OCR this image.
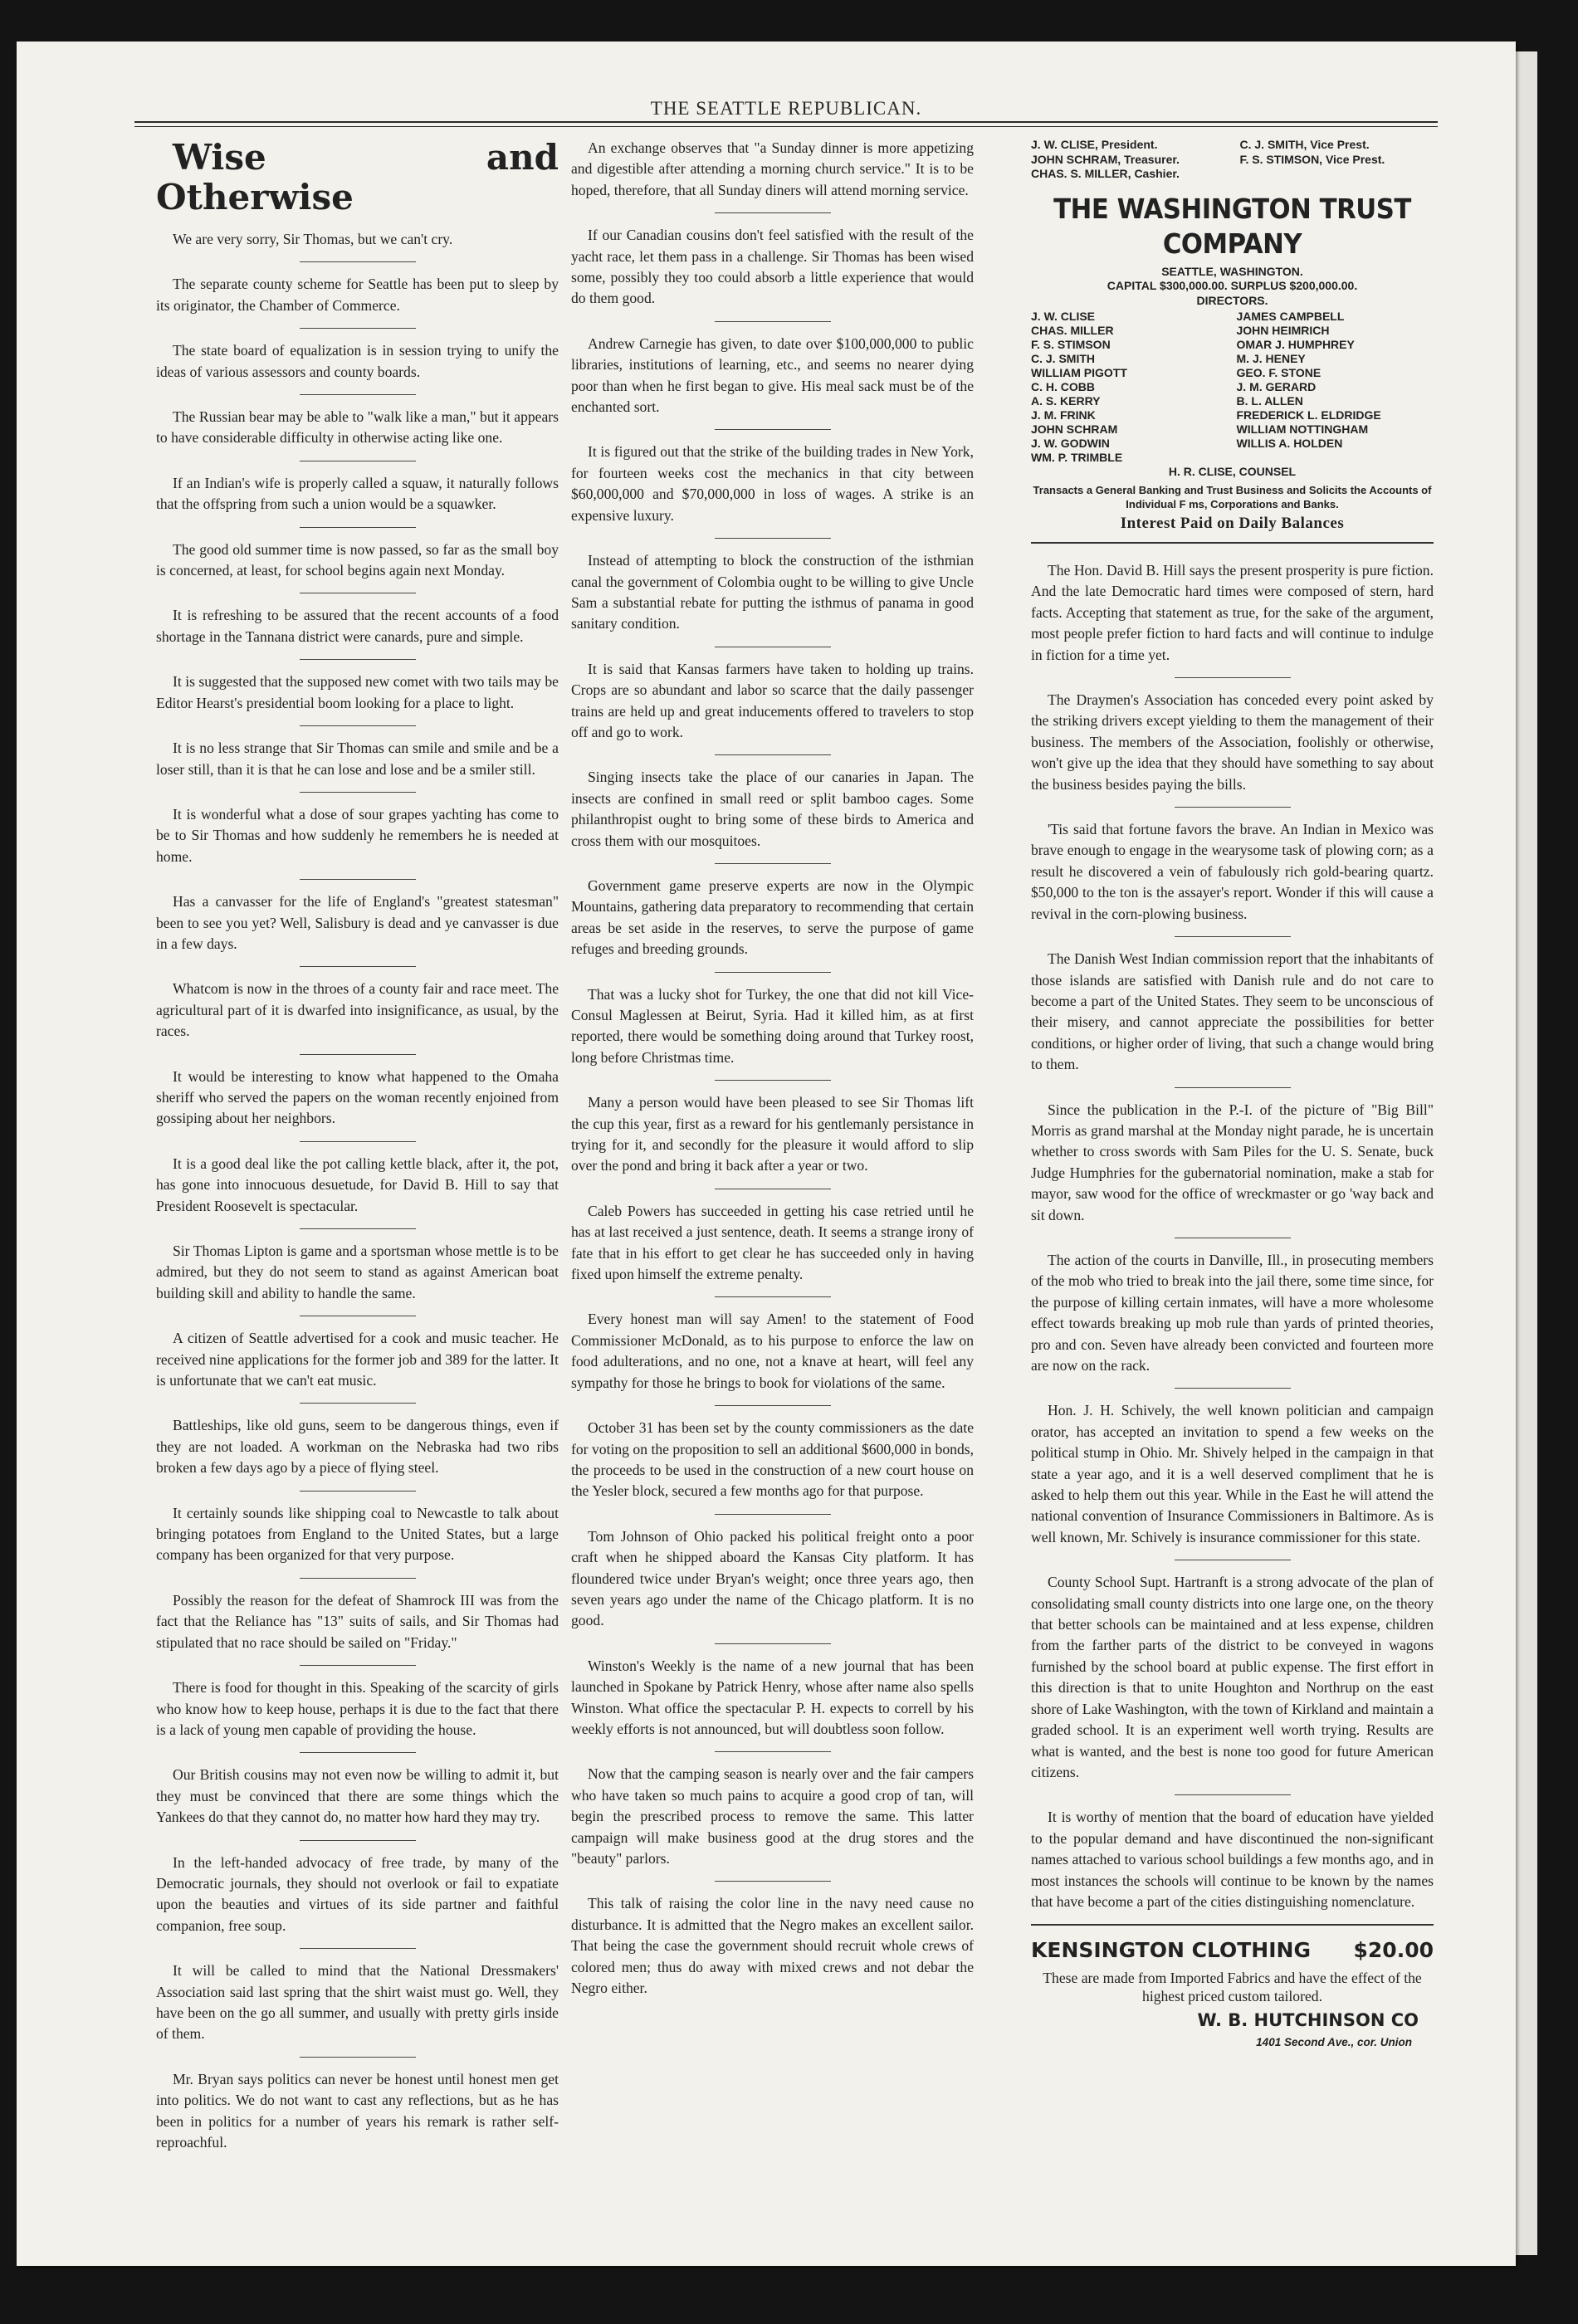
THE SEATTLE REPUBLICAN.

Wise and Otherwise

We are very sorry, Sir Thomas, but we can't cry.

The separate county scheme for Seattle has been put to sleep by its originator, the Chamber of Commerce.

The state board of equalization is in session trying to unify the ideas of various assessors and county boards.

The Russian bear may be able to "walk like a man," but it appears to have considerable difficulty in otherwise acting like one.

If an Indian's wife is properly called a squaw, it naturally follows that the offspring from such a union would be a squawker.

The good old summer time is now passed, so far as the small boy is concerned, at least, for school begins again next Monday.

It is refreshing to be assured that the recent accounts of a food shortage in the Tannana district were canards, pure and simple.

It is suggested that the supposed new comet with two tails may be Editor Hearst's presidential boom looking for a place to light.

It is no less strange that Sir Thomas can smile and smile and be a loser still, than it is that he can lose and lose and be a smiler still.

It is wonderful what a dose of sour grapes yachting has come to be to Sir Thomas and how suddenly he remembers he is needed at home.

Has a canvasser for the life of England's "greatest statesman" been to see you yet? Well, Salisbury is dead and ye canvasser is due in a few days.

Whatcom is now in the throes of a county fair and race meet. The agricultural part of it is dwarfed into insignificance, as usual, by the races.

It would be interesting to know what happened to the Omaha sheriff who served the papers on the woman recently enjoined from gossiping about her neighbors.

It is a good deal like the pot calling kettle black, after it, the pot, has gone into innocuous desuetude, for David B. Hill to say that President Roosevelt is spectacular.

Sir Thomas Lipton is game and a sportsman whose mettle is to be admired, but they do not seem to stand as against American boat building skill and ability to handle the same.

A citizen of Seattle advertised for a cook and music teacher. He received nine applications for the former job and 389 for the latter. It is unfortunate that we can't eat music.

Battleships, like old guns, seem to be dangerous things, even if they are not loaded. A workman on the Nebraska had two ribs broken a few days ago by a piece of flying steel.

It certainly sounds like shipping coal to Newcastle to talk about bringing potatoes from England to the United States, but a large company has been organized for that very purpose.

Possibly the reason for the defeat of Shamrock III was from the fact that the Reliance has "13" suits of sails, and Sir Thomas had stipulated that no race should be sailed on "Friday."

There is food for thought in this. Speaking of the scarcity of girls who know how to keep house, perhaps it is due to the fact that there is a lack of young men capable of providing the house.

Our British cousins may not even now be willing to admit it, but they must be convinced that there are some things which the Yankees do that they cannot do, no matter how hard they may try.

In the left-handed advocacy of free trade, by many of the Democratic journals, they should not overlook or fail to expatiate upon the beauties and virtues of its side partner and faithful companion, free soup.

It will be called to mind that the National Dressmakers' Association said last spring that the shirt waist must go. Well, they have been on the go all summer, and usually with pretty girls inside of them.

Mr. Bryan says politics can never be honest until honest men get into politics. We do not want to cast any reflections, but as he has been in politics for a number of years his remark is rather self-reproachful.

An exchange observes that "a Sunday dinner is more appetizing and digestible after attending a morning church service." It is to be hoped, therefore, that all Sunday diners will attend morning service.

If our Canadian cousins don't feel satisfied with the result of the yacht race, let them pass in a challenge. Sir Thomas has been wised some, possibly they too could absorb a little experience that would do them good.

Andrew Carnegie has given, to date over $100,000,000 to public libraries, institutions of learning, etc., and seems no nearer dying poor than when he first began to give. His meal sack must be of the enchanted sort.

It is figured out that the strike of the building trades in New York, for fourteen weeks cost the mechanics in that city between $60,000,000 and $70,000,000 in loss of wages. A strike is an expensive luxury.

Instead of attempting to block the construction of the isthmian canal the government of Colombia ought to be willing to give Uncle Sam a substantial rebate for putting the isthmus of panama in good sanitary condition.

It is said that Kansas farmers have taken to holding up trains. Crops are so abundant and labor so scarce that the daily passenger trains are held up and great inducements offered to travelers to stop off and go to work.

Singing insects take the place of our canaries in Japan. The insects are confined in small reed or split bamboo cages. Some philanthropist ought to bring some of these birds to America and cross them with our mosquitoes.

Government game preserve experts are now in the Olympic Mountains, gathering data preparatory to recommending that certain areas be set aside in the reserves, to serve the purpose of game refuges and breeding grounds.

That was a lucky shot for Turkey, the one that did not kill Vice-Consul Maglessen at Beirut, Syria. Had it killed him, as at first reported, there would be something doing around that Turkey roost, long before Christmas time.

Many a person would have been pleased to see Sir Thomas lift the cup this year, first as a reward for his gentlemanly persistance in trying for it, and secondly for the pleasure it would afford to slip over the pond and bring it back after a year or two.

Caleb Powers has succeeded in getting his case retried until he has at last received a just sentence, death. It seems a strange irony of fate that in his effort to get clear he has succeeded only in having fixed upon himself the extreme penalty.

Every honest man will say Amen! to the statement of Food Commissioner McDonald, as to his purpose to enforce the law on food adulterations, and no one, not a knave at heart, will feel any sympathy for those he brings to book for violations of the same.

October 31 has been set by the county commissioners as the date for voting on the proposition to sell an additional $600,000 in bonds, the proceeds to be used in the construction of a new court house on the Yesler block, secured a few months ago for that purpose.

Tom Johnson of Ohio packed his political freight onto a poor craft when he shipped aboard the Kansas City platform. It has floundered twice under Bryan's weight; once three years ago, then seven years ago under the name of the Chicago platform. It is no good.

Winston's Weekly is the name of a new journal that has been launched in Spokane by Patrick Henry, whose after name also spells Winston. What office the spectacular P. H. expects to correll by his weekly efforts is not announced, but will doubtless soon follow.

Now that the camping season is nearly over and the fair campers who have taken so much pains to acquire a good crop of tan, will begin the prescribed process to remove the same. This latter campaign will make business good at the drug stores and the "beauty" parlors.

This talk of raising the color line in the navy need cause no disturbance. It is admitted that the Negro makes an excellent sailor. That being the case the government should recruit whole crews of colored men; thus do away with mixed crews and not debar the Negro either.

J. W. CLISE, President.	C. J. SMITH, Vice Prest.
JOHN SCHRAM, Treasurer.	F. S. STIMSON, Vice Prest.
CHAS. S. MILLER, Cashier.
THE WASHINGTON TRUST COMPANY
SEATTLE, WASHINGTON.
CAPITAL $300,000.00. SURPLUS $200,000.00.
DIRECTORS.
J. W. CLISE	JAMES CAMPBELL
CHAS. MILLER	JOHN HEIMRICH
F. S. STIMSON	OMAR J. HUMPHREY
C. J. SMITH	M. J. HENEY
WILLIAM PIGOTT	GEO. F. STONE
C. H. COBB	J. M. GERARD
A. S. KERRY	B. L. ALLEN
J. M. FRINK	FREDERICK L. ELDRIDGE
JOHN SCHRAM	WILLIAM NOTTINGHAM
J. W. GODWIN	WILLIS A. HOLDEN
WM. P. TRIMBLE
H. R. CLISE, COUNSEL
Transacts a General Banking and Trust Business and Solicits the Accounts of Individual F ms, Corporations and Banks.
Interest Paid on Daily Balances

The Hon. David B. Hill says the present prosperity is pure fiction. And the late Democratic hard times were composed of stern, hard facts. Accepting that statement as true, for the sake of the argument, most people prefer fiction to hard facts and will continue to indulge in fiction for a time yet.

The Draymen's Association has conceded every point asked by the striking drivers except yielding to them the management of their business. The members of the Association, foolishly or otherwise, won't give up the idea that they should have something to say about the business besides paying the bills.

'Tis said that fortune favors the brave. An Indian in Mexico was brave enough to engage in the wearysome task of plowing corn; as a result he discovered a vein of fabulously rich gold-bearing quartz. $50,000 to the ton is the assayer's report. Wonder if this will cause a revival in the corn-plowing business.

The Danish West Indian commission report that the inhabitants of those islands are satisfied with Danish rule and do not care to become a part of the United States. They seem to be unconscious of their misery, and cannot appreciate the possibilities for better conditions, or higher order of living, that such a change would bring to them.

Since the publication in the P.-I. of the picture of "Big Bill" Morris as grand marshal at the Monday night parade, he is uncertain whether to cross swords with Sam Piles for the U. S. Senate, buck Judge Humphries for the gubernatorial nomination, make a stab for mayor, saw wood for the office of wreckmaster or go 'way back and sit down.

The action of the courts in Danville, Ill., in prosecuting members of the mob who tried to break into the jail there, some time since, for the purpose of killing certain inmates, will have a more wholesome effect towards breaking up mob rule than yards of printed theories, pro and con. Seven have already been convicted and fourteen more are now on the rack.

Hon. J. H. Schively, the well known politician and campaign orator, has accepted an invitation to spend a few weeks on the political stump in Ohio. Mr. Shively helped in the campaign in that state a year ago, and it is a well deserved compliment that he is asked to help them out this year. While in the East he will attend the national convention of Insurance Commissioners in Baltimore. As is well known, Mr. Schively is insurance commissioner for this state.

County School Supt. Hartranft is a strong advocate of the plan of consolidating small county districts into one large one, on the theory that better schools can be maintained and at less expense, children from the farther parts of the district to be conveyed in wagons furnished by the school board at public expense. The first effort in this direction is that to unite Houghton and Northrup on the east shore of Lake Washington, with the town of Kirkland and maintain a graded school. It is an experiment well worth trying. Results are what is wanted, and the best is none too good for future American citizens.

It is worthy of mention that the board of education have yielded to the popular demand and have discontinued the non-significant names attached to various school buildings a few months ago, and in most instances the schools will continue to be known by the names that have become a part of the cities distinguishing nomenclature.

KENSINGTON CLOTHING $20.00
These are made from Imported Fabrics and have the effect of the highest priced custom tailored.
W. B. HUTCHINSON CO
1401 Second Ave., cor. Union
